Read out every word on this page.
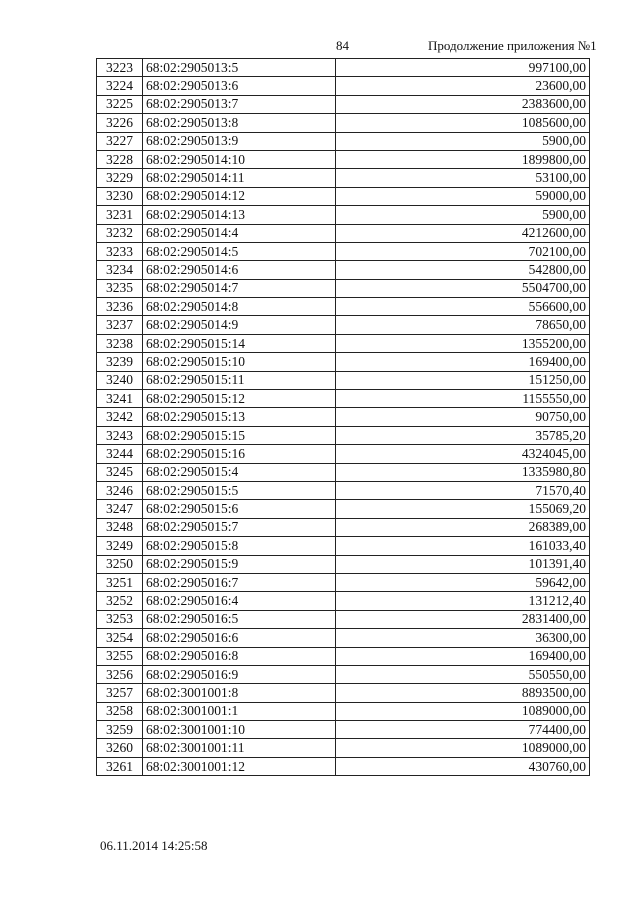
84	Продолжение приложения №1
3223	68:02:2905013:5	997100,00
3224	68:02:2905013:6	23600,00
3225	68:02:2905013:7	2383600,00
3226	68:02:2905013:8	1085600,00
3227	68:02:2905013:9	5900,00
3228	68:02:2905014:10	1899800,00
3229	68:02:2905014:11	53100,00
3230	68:02:2905014:12	59000,00
3231	68:02:2905014:13	5900,00
3232	68:02:2905014:4	4212600,00
3233	68:02:2905014:5	702100,00
3234	68:02:2905014:6	542800,00
3235	68:02:2905014:7	5504700,00
3236	68:02:2905014:8	556600,00
3237	68:02:2905014:9	78650,00
3238	68:02:2905015:14	1355200,00
3239	68:02:2905015:10	169400,00
3240	68:02:2905015:11	151250,00
3241	68:02:2905015:12	1155550,00
3242	68:02:2905015:13	90750,00
3243	68:02:2905015:15	35785,20
3244	68:02:2905015:16	4324045,00
3245	68:02:2905015:4	1335980,80
3246	68:02:2905015:5	71570,40
3247	68:02:2905015:6	155069,20
3248	68:02:2905015:7	268389,00
3249	68:02:2905015:8	161033,40
3250	68:02:2905015:9	101391,40
3251	68:02:2905016:7	59642,00
3252	68:02:2905016:4	131212,40
3253	68:02:2905016:5	2831400,00
3254	68:02:2905016:6	36300,00
3255	68:02:2905016:8	169400,00
3256	68:02:2905016:9	550550,00
3257	68:02:3001001:8	8893500,00
3258	68:02:3001001:1	1089000,00
3259	68:02:3001001:10	774400,00
3260	68:02:3001001:11	1089000,00
3261	68:02:3001001:12	430760,00
06.11.2014 14:25:58
